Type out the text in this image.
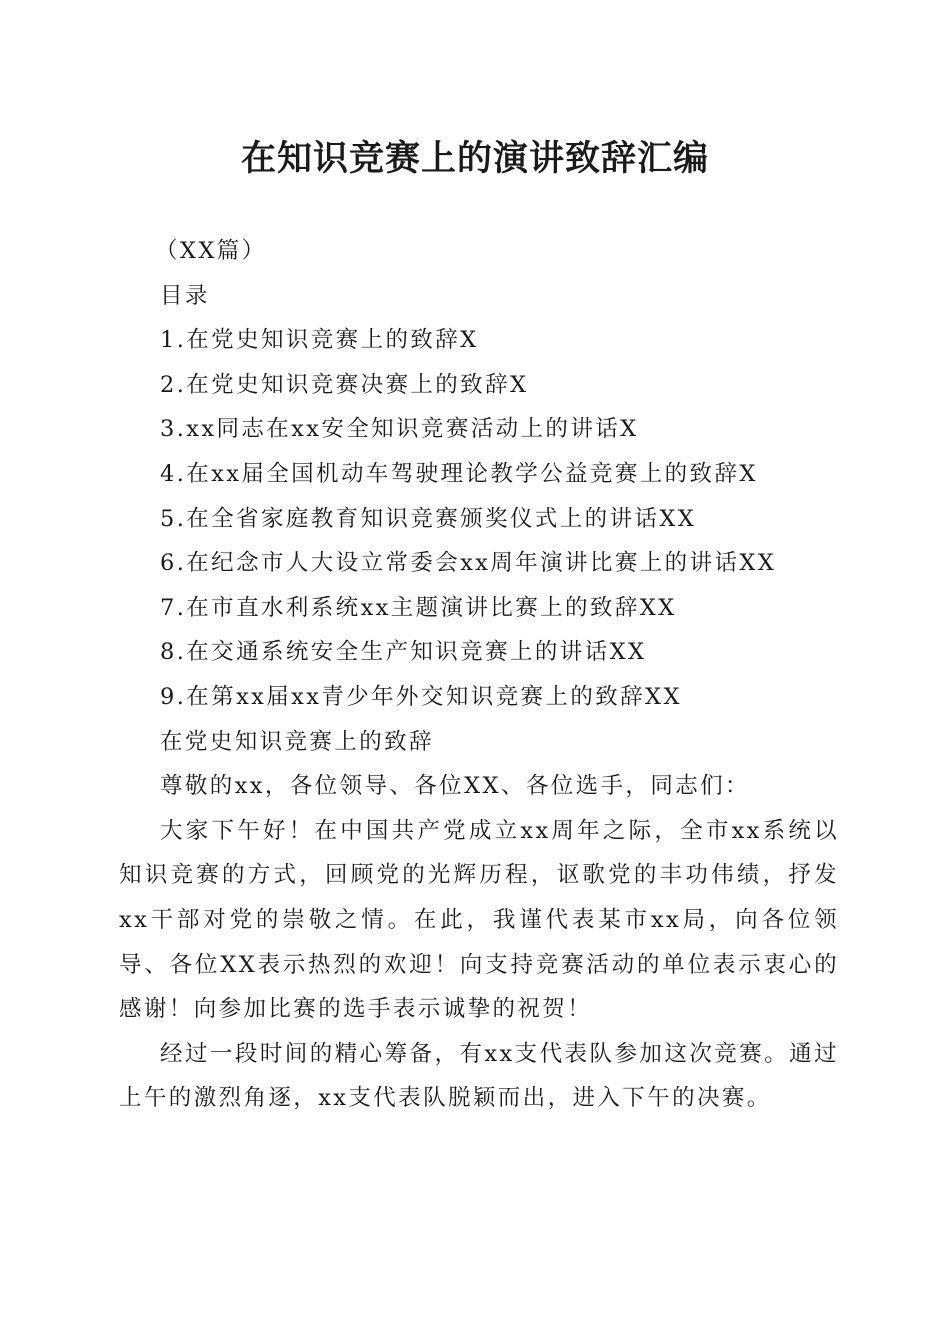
在知识竞赛上的演讲致辞汇编

（XX篇）

目录

1.在党史知识竞赛上的致辞X

2.在党史知识竞赛决赛上的致辞X

3.xx同志在xx安全知识竞赛活动上的讲话X

4.在xx届全国机动车驾驶理论教学公益竞赛上的致辞X

5.在全省家庭教育知识竞赛颁奖仪式上的讲话XX

6.在纪念市人大设立常委会xx周年演讲比赛上的讲话XX

7.在市直水利系统xx主题演讲比赛上的致辞XX

8.在交通系统安全生产知识竞赛上的讲话XX

9.在第xx届xx青少年外交知识竞赛上的致辞XX

在党史知识竞赛上的致辞

尊敬的xx，各位领导、各位XX、各位选手，同志们：

大家下午好！在中国共产党成立xx周年之际，全市xx系统以知识竞赛的方式，回顾党的光辉历程，讴歌党的丰功伟绩，抒发xx干部对党的崇敬之情。在此，我谨代表某市xx局，向各位领导、各位XX表示热烈的欢迎！向支持竞赛活动的单位表示衷心的感谢！向参加比赛的选手表示诚挚的祝贺！

经过一段时间的精心筹备，有xx支代表队参加这次竞赛。通过上午的激烈角逐，xx支代表队脱颖而出，进入下午的决赛。
